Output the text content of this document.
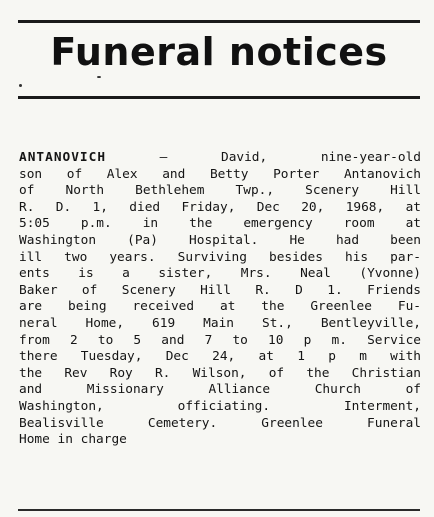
Funeral notices
ANTANOVICH — David, nine-year-old
son of Alex and Betty Porter Antanovich
of North Bethlehem Twp., Scenery Hill
R. D. 1, died Friday, Dec 20, 1968, at
5:05 p.m. in the emergency room at
Washington (Pa) Hospital. He had been
ill two years. Surviving besides his par-
ents is a sister, Mrs. Neal (Yvonne)
Baker of Scenery Hill R. D 1. Friends
are being received at the Greenlee Fu-
neral Home, 619 Main St., Bentleyville,
from 2 to 5 and 7 to 10 p m. Service
there Tuesday, Dec 24, at 1 p m with
the Rev Roy R. Wilson, of the Christian
and Missionary Alliance Church of
Washington, officiating. Interment,
Bealisville Cemetery. Greenlee Funeral
Home in charge
